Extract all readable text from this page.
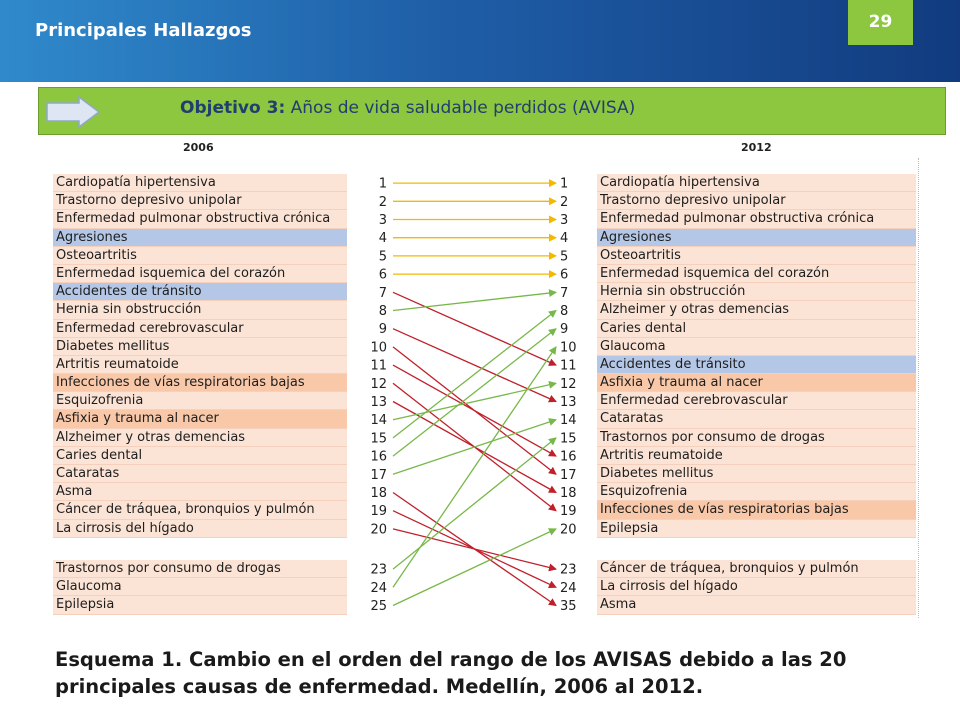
Principales Hallazgos	29
Objetivo 3: Años de vida saludable perdidos (AVISA)
2006	2012
Cardiopatía hipertensiva
Trastorno depresivo unipolar
Enfermedad pulmonar obstructiva crónica
Agresiones
Osteoartritis
Enfermedad isquemica del corazón
Accidentes de tránsito
Hernia sin obstrucción
Enfermedad cerebrovascular
Diabetes mellitus
Artritis reumatoide
Infecciones de vías respiratorias bajas
Esquizofrenia
Asfixia y trauma al nacer
Alzheimer y otras demencias
Caries dental
Cataratas
Asma
Cáncer de tráquea, bronquios y pulmón
La cirrosis del hígado
Trastornos por consumo de drogas
Glaucoma
Epilepsia
Cardiopatía hipertensiva
Trastorno depresivo unipolar
Enfermedad pulmonar obstructiva crónica
Agresiones
Osteoartritis
Enfermedad isquemica del corazón
Hernia sin obstrucción
Alzheimer y otras demencias
Caries dental
Glaucoma
Accidentes de tránsito
Asfixia y trauma al nacer
Enfermedad cerebrovascular
Cataratas
Trastornos por consumo de drogas
Artritis reumatoide
Diabetes mellitus
Esquizofrenia
Infecciones de vías respiratorias bajas
Epilepsia
Cáncer de tráquea, bronquios y pulmón
La cirrosis del hígado
Asma
1
2
3
4
5
6
7
8
9
10
11
12
13
14
15
16
17
18
19
20
23
24
25
1
2
3
4
5
6
7
8
9
10
11
12
13
14
15
16
17
18
19
20
23
24
35
Esquema 1. Cambio en el orden del rango de los AVISAS debido a las 20 principales causas de enfermedad. Medellín, 2006 al 2012.
